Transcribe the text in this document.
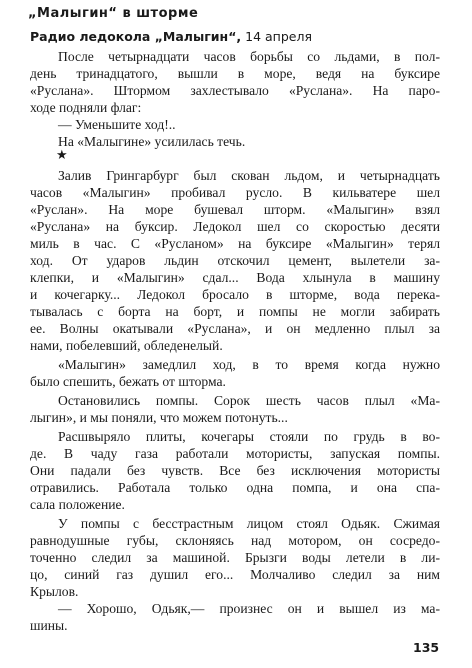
„Малыгин“ в шторме
Радио ледокола „Малыгин“, 14 апреля
После четырнадцати часов борьбы со льдами, в пол-
день тринадцатого, вышли в море, ведя на буксире
«Руслана». Штормом захлестывало «Руслана». На паро-
ходе подняли флаг:
— Уменьшите ход!..
На «Малыгине» усилилась течь.
★
Залив Грингарбург был скован льдом, и четырнадцать
часов «Малыгин» пробивал русло. В кильватере шел
«Руслан». На море бушевал шторм. «Малыгин» взял
«Руслана» на буксир. Ледокол шел со скоростью десяти
миль в час. С «Русланом» на буксире «Малыгин» терял
ход. От ударов льдин отскочил цемент, вылетели за-
клепки, и «Малыгин» сдал... Вода хлынула в машину
и кочегарку... Ледокол бросало в шторме, вода перека-
тывалась с борта на борт, и помпы не могли забирать
ее. Волны окатывали «Руслана», и он медленно плыл за
нами, побелевший, обледенелый.
«Малыгин» замедлил ход, в то время когда нужно
было спешить, бежать от шторма.
Остановились помпы. Сорок шесть часов плыл «Ма-
лыгин», и мы поняли, что можем потонуть...
Расшвыряло плиты, кочегары стояли по грудь в во-
де. В чаду газа работали мотористы, запуская помпы.
Они падали без чувств. Все без исключения мотористы
отравились. Работала только одна помпа, и она спа-
сала положение.
У помпы с бесстрастным лицом стоял Одьяк. Сжимая
равнодушные губы, склоняясь над мотором, он сосредо-
точенно следил за машиной. Брызги воды летели в ли-
цо, синий газ душил его... Молчаливо следил за ним
Крылов.
— Хорошо, Одьяк,— произнес он и вышел из ма-
шины.
135
